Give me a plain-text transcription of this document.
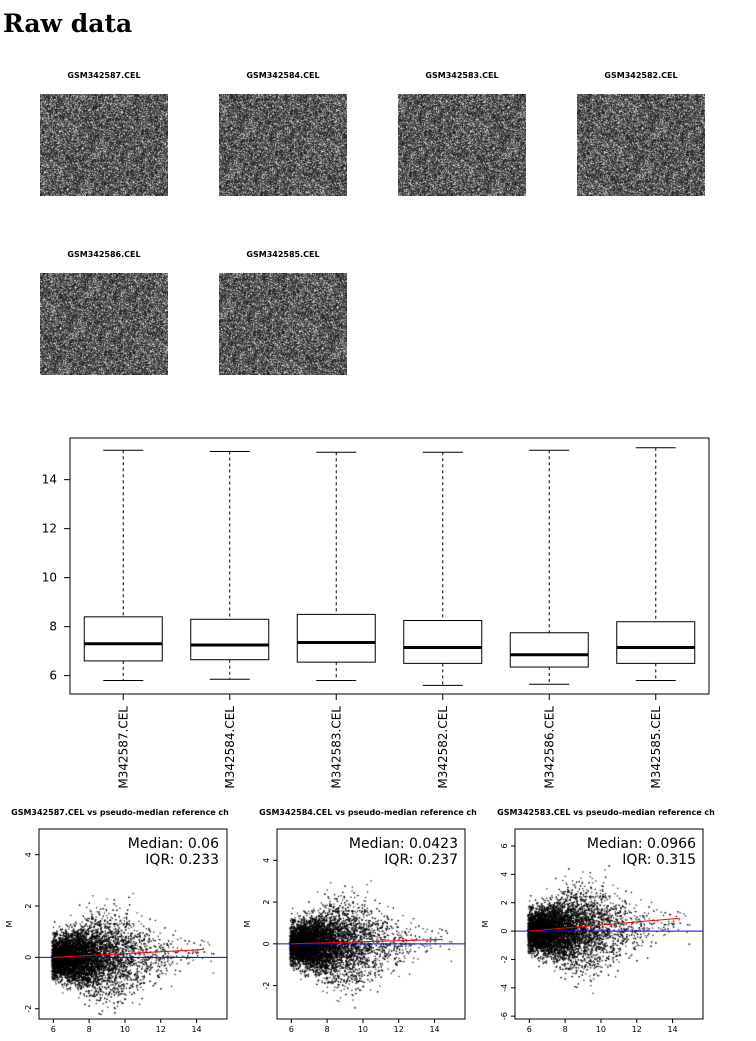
Raw data
GSM342587.CEL	GSM342584.CEL	GSM342583.CEL	GSM342582.CEL
GSM342586.CEL	GSM342585.CEL
6
8
10
12
14
M342587.CEL	M342584.CEL	M342583.CEL	M342582.CEL	M342586.CEL	M342585.CEL
GSM342587.CEL vs pseudo-median reference ch
M
6	8	10	12	14
-2
0
2
4
Median: 0.06
IQR: 0.233
GSM342584.CEL vs pseudo-median reference ch
M
6	8	10	12	14
-2
0
2
4
Median: 0.0423
IQR: 0.237
GSM342583.CEL vs pseudo-median reference ch
M
6	8	10	12	14
-6
-4
-2
0
2
4
6	Median: 0.0966
IQR: 0.315
